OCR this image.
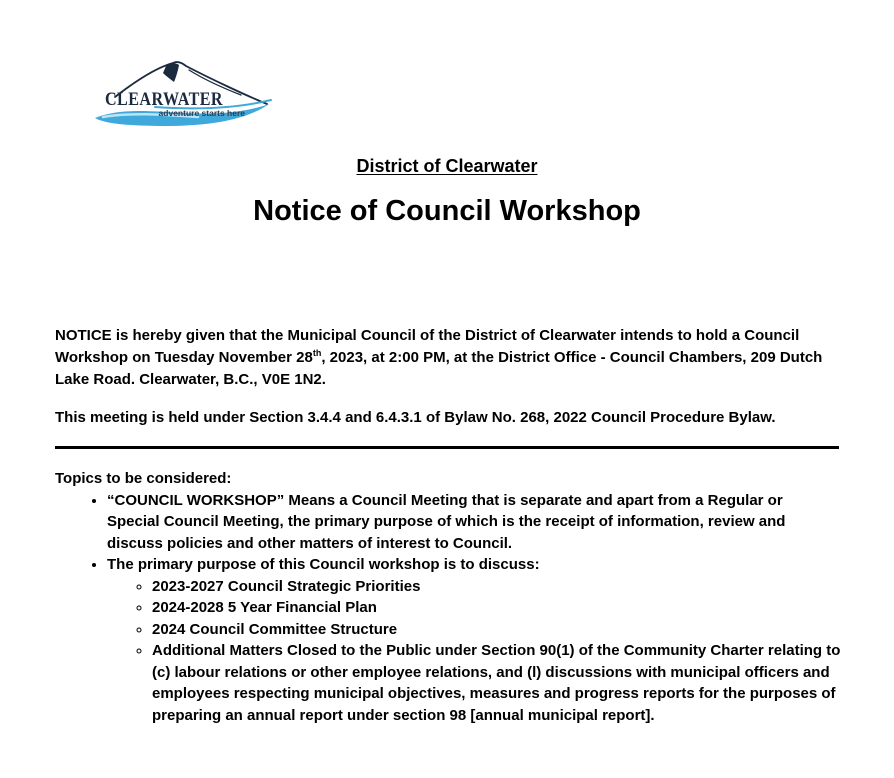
CLEARWATER
adventure starts here
District of Clearwater
Notice of Council Workshop

NOTICE is hereby given that the Municipal Council of the District of Clearwater intends to hold a Council Workshop on Tuesday November 28th, 2023, at 2:00 PM, at the District Office - Council Chambers, 209 Dutch Lake Road. Clearwater, B.C., V0E 1N2.

This meeting is held under Section 3.4.4 and 6.4.3.1 of Bylaw No. 268, 2022 Council Procedure Bylaw.

Topics to be considered:

• “COUNCIL WORKSHOP” Means a Council Meeting that is separate and apart from a Regular or Special Council Meeting, the primary purpose of which is the receipt of information, review and discuss policies and other matters of interest to Council.
• The primary purpose of this Council workshop is to discuss:
◦ 2023-2027 Council Strategic Priorities
◦ 2024-2028 5 Year Financial Plan
◦ 2024 Council Committee Structure
◦ Additional Matters Closed to the Public under Section 90(1) of the Community Charter relating to (c) labour relations or other employee relations, and (l) discussions with municipal officers and employees respecting municipal objectives, measures and progress reports for the purposes of preparing an annual report under section 98 [annual municipal report].
